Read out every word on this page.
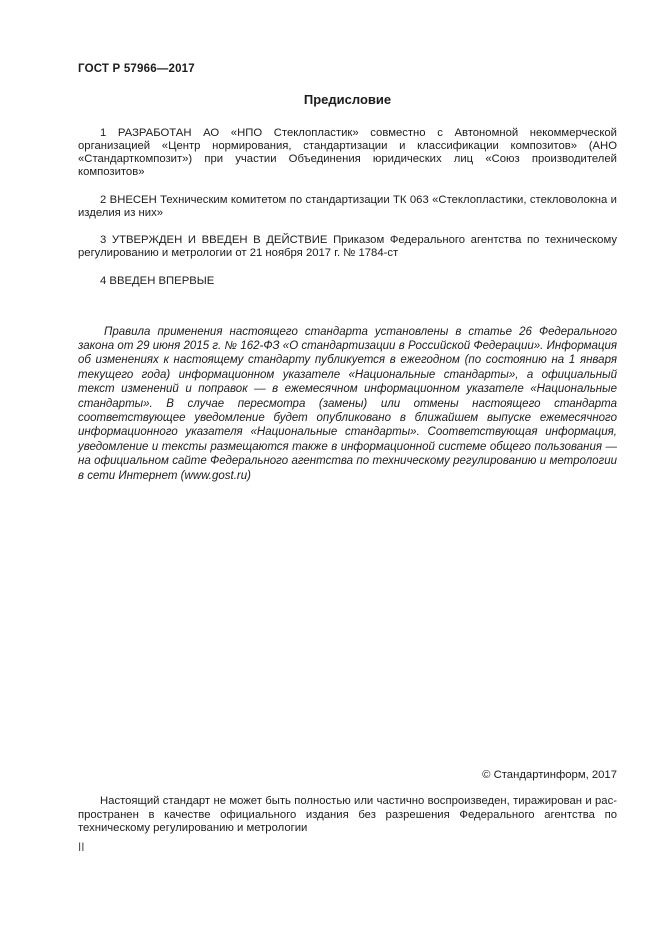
ГОСТ Р 57966—2017
Предисловие

1 РАЗРАБОТАН АО «НПО Стеклопластик» совместно с Автономной некоммерческой организацией «Центр нормирования, стандартизации и классификации композитов» (АНО «Стандарткомпозит») при участии Объединения юридических лиц «Союз производителей композитов»

2 ВНЕСЕН Техническим комитетом по стандартизации ТК 063 «Стеклопластики, стекловолокна и изделия из них»

3 УТВЕРЖДЕН И ВВЕДЕН В ДЕЙСТВИЕ Приказом Федерального агентства по техническому регулированию и метрологии от 21 ноября 2017 г. № 1784-ст

4 ВВЕДЕН ВПЕРВЫЕ

Правила применения настоящего стандарта установлены в статье 26 Федерального закона от 29 июня 2015 г. № 162-ФЗ «О стандартизации в Российской Федерации». Информация об изменениях к настоящему стандарту публикуется в ежегодном (по состоянию на 1 января текущего года) информационном указателе «Национальные стандарты», а официальный текст изменений и поправок — в ежемесячном информационном указателе «Национальные стандарты». В случае пересмотра (замены) или отмены настоящего стандарта соответствующее уведомление будет опубликовано в ближайшем выпуске ежемесячного информационного указателя «Национальные стандарты». Соответствующая информация, уведомление и тексты размещаются также в информационной системе общего пользования — на официальном сайте Федерального агентства по техническому регулированию и метрологии в сети Интернет (www.gost.ru)

© Стандартинформ, 2017

Настоящий стандарт не может быть полностью или частично воспроизведен, тиражирован и распространен в качестве официального издания без разрешения Федерального агентства по техническому регулированию и метрологии

II
